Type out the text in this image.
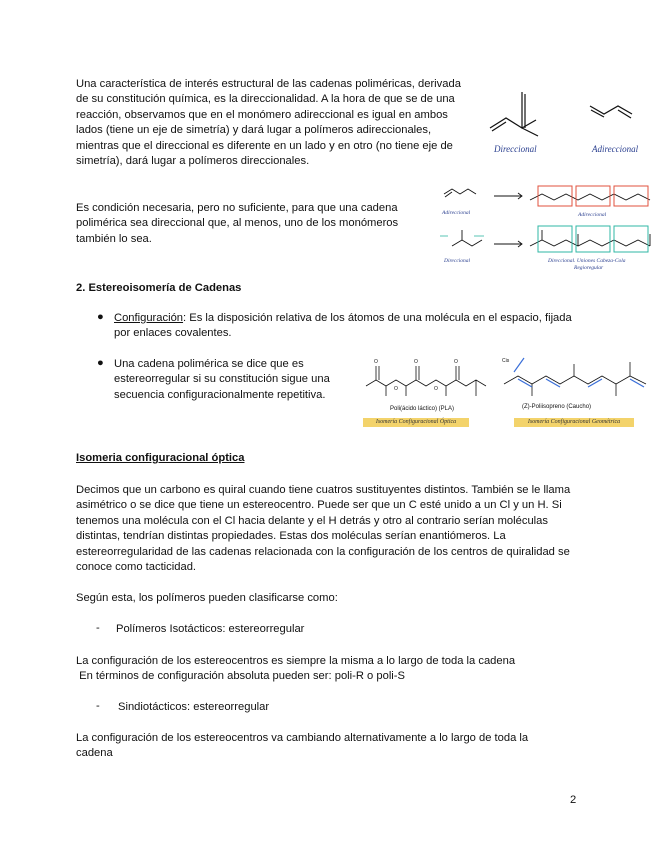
Una característica de interés estructural de las cadenas poliméricas, derivada de su constitución química, es la direccionalidad. A la hora de que se de una reacción, observamos que en el monómero adireccional es igual en ambos lados (tiene un eje de simetría) y dará lugar a polímeros adireccionales, mientras que el direccional es diferente en un lado y en otro (no tiene eje de simetría), dará lugar a polímeros direccionales.

Direccional	Adireccional

Es condición necesaria, pero no suficiente, para que una cadena polimérica sea direccional que, al menos, uno de los monómeros también lo sea.

Adireccional	Adireccional
Direccional	Direccional. Uniones Cabeza-Cola
Regioregular

2. Estereoisomería de Cadenas

● Configuración: Es la disposición relativa de los átomos de una molécula en el espacio, fijada por enlaces covalentes.

● Una cadena polimérica se dice que es estereorregular si su constitución sigue una secuencia configuracionalmente repetitiva.

O	O	O
O	O
Poli(ácido láctico) (PLA)
Isomería Configuracional Óptica
Cis
(Z)-Poliisopreno (Caucho)
Isomería Configuracional Geométrica

Isomeria configuracional óptica

Decimos que un carbono es quiral cuando tiene cuatros sustituyentes distintos. También se le llama asimétrico o se dice que tiene un estereocentro. Puede ser que un C esté unido a un Cl y un H. Si tenemos una molécula con el Cl hacia delante y el H detrás y otro al contrario serían moléculas distintas, tendrían distintas propiedades. Estas dos moléculas serían enantiómeros. La estereorregularidad de las cadenas relacionada con la configuración de los centros de quiralidad se conoce como tacticidad.

Según esta, los polímeros pueden clasificarse como:

- Polímeros Isotácticos: estereorregular

La configuración de los estereocentros es siempre la misma a lo largo de toda la cadena

En términos de configuración absoluta pueden ser: poli-R o poli-S

- Sindiotácticos: estereorregular

La configuración de los estereocentros va cambiando alternativamente a lo largo de toda la cadena

2
